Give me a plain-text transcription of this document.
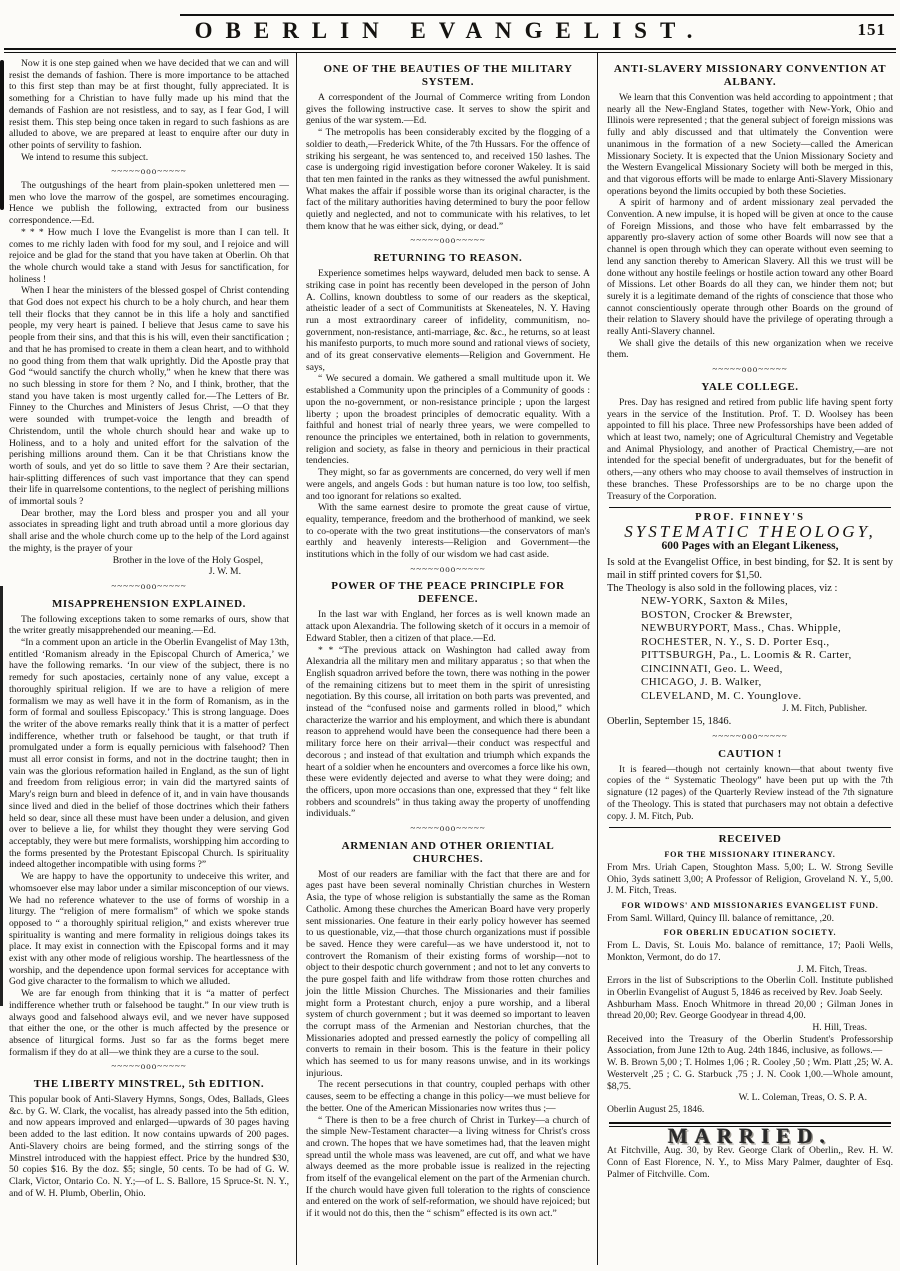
OBERLIN EVANGELIST.	151

Now it is one step gained when we have decided that we can and will resist the demands of fashion. There is more importance to be attached to this first step than may be at first thought, fully appreciated. It is something for a Christian to have fully made up his mind that the demands of Fashion are not resistless, and to say, as I fear God, I will resist them. This step being once taken in regard to such fashions as are alluded to above, we are prepared at least to enquire after our duty in other points of servility to fashion.

We intend to resume this subject.

~~~~~ooo~~~~~

The outgushings of the heart from plain-spoken unlettered men —men who love the marrow of the gospel, are sometimes encouraging. Hence we publish the following, extracted from our business correspondence.—Ed.

* * * How much I love the Evangelist is more than I can tell. It comes to me richly laden with food for my soul, and I rejoice and will rejoice and be glad for the stand that you have taken at Oberlin. Oh that the whole church would take a stand with Jesus for sanctification, for holiness !

When I hear the ministers of the blessed gospel of Christ contending that God does not expect his church to be a holy church, and hear them tell their flocks that they cannot be in this life a holy and sanctified people, my very heart is pained. I believe that Jesus came to save his people from their sins, and that this is his will, even their sanctification ; and that he has promised to create in them a clean heart, and to withhold no good thing from them that walk uprightly. Did the Apostle pray that God “would sanctify the church wholly,” when he knew that there was no such blessing in store for them ? No, and I think, brother, that the stand you have taken is most urgently called for.—The Letters of Br. Finney to the Churches and Ministers of Jesus Christ, —O that they were sounded with trumpet-voice the length and breadth of Christendom, until the whole church should hear and wake up to Holiness, and to a holy and united effort for the salvation of the perishing millions around them. Can it be that Christians know the worth of souls, and yet do so little to save them ? Are their sectarian, hair-splitting differences of such vast importance that they can spend their life in quarrelsome contentions, to the neglect of perishing millions of immortal souls ?

Dear brother, may the Lord bless and prosper you and all your associates in spreading light and truth abroad until a more glorious day shall arise and the whole church come up to the help of the Lord against the mighty, is the prayer of your

Brother in the love of the Holy Gospel,
J. W. M.
~~~~~ooo~~~~~
MISAPPREHENSION EXPLAINED.

The following exceptions taken to some remarks of ours, show that the writer greatly misapprehended our meaning.—Ed.

“In a comment upon an article in the Oberlin Evangelist of May 13th, entitled ‘Romanism already in the Episcopal Church of America,’ we have the following remarks. ‘In our view of the subject, there is no remedy for such apostacies, certainly none of any value, except a thoroughly spiritual religion. If we are to have a religion of mere formalism we may as well have it in the form of Romanism, as in the form of formal and soulless Episcopacy.’ This is strong language. Does the writer of the above remarks really think that it is a matter of perfect indifference, whether truth or falsehood be taught, or that truth if promulgated under a form is equally pernicious with falsehood? Then must all error consist in forms, and not in the doctrine taught; then in vain was the glorious reformation hailed in England, as the sun of light and freedom from religious error; in vain did the martyred saints of Mary's reign burn and bleed in defence of it, and in vain have thousands since lived and died in the belief of those doctrines which their fathers held so dear, since all these must have been under a delusion, and given over to believe a lie, for whilst they thought they were serving God acceptably, they were but mere formalists, worshipping him according to the forms presented by the Protestant Episcopal Church. Is spirituality indeed altogether incompatible with using forms ?”

We are happy to have the opportunity to undeceive this writer, and whomsoever else may labor under a similar misconception of our views. We had no reference whatever to the use of forms of worship in a liturgy. The “religion of mere formalism” of which we spoke stands opposed to “ a thoroughly spiritual religion,” and exists wherever true spirituality is wanting and mere formality in religious doings takes its place. It may exist in connection with the Episcopal forms and it may exist with any other mode of religious worship. The heartlessness of the worship, and the dependence upon formal services for acceptance with God give character to the formalism to which we alluded.

We are far enough from thinking that it is “a matter of perfect indifference whether truth or falsehood be taught.” In our view truth is always good and falsehood always evil, and we never have supposed that either the one, or the other is much affected by the presence or absence of liturgical forms. Just so far as the forms beget mere formalism if they do at all—we think they are a curse to the soul.

~~~~~ooo~~~~~
THE LIBERTY MINSTREL, 5th EDITION.

This popular book of Anti-Slavery Hymns, Songs, Odes, Ballads, Glees &c. by G. W. Clark, the vocalist, has already passed into the 5th edition, and now appears improved and enlarged—upwards of 30 pages having been added to the last edition. It now contains upwards of 200 pages. Anti-Slavery choirs are being formed, and the stirring songs of the Minstrel introduced with the happiest effect. Price by the hundred $30, 50 copies $16. By the doz. $5; single, 50 cents. To be had of G. W. Clark, Victor, Ontario Co. N. Y.;—of L. S. Ballore, 15 Spruce-St. N. Y., and of W. H. Plumb, Oberlin, Ohio.

ONE OF THE BEAUTIES OF THE MILITARY SYSTEM.

A correspondent of the Journal of Commerce writing from London gives the following instructive case. It serves to show the spirit and genius of the war system.—Ed.

“ The metropolis has been considerably excited by the flogging of a soldier to death,—Frederick White, of the 7th Hussars. For the offence of striking his sergeant, he was sentenced to, and received 150 lashes. The case is undergoing rigid investigation before coroner Wakeley. It is said that ten men fainted in the ranks as they witnessed the awful punishment. What makes the affair if possible worse than its original character, is the fact of the military authorities having determined to bury the poor fellow quietly and neglected, and not to communicate with his relatives, to let them know that he was either sick, dying, or dead.”

~~~~~ooo~~~~~
RETURNING TO REASON.

Experience sometimes helps wayward, deluded men back to sense. A striking case in point has recently been developed in the person of John A. Collins, known doubtless to some of our readers as the skeptical, atheistic leader of a sect of Communitists at Skeneateles, N. Y. Having run a most extraordinary career of infidelity, communitism, no-government, non-resistance, anti-marriage, &c. &c., he returns, so at least his manifesto purports, to much more sound and rational views of society, and of its great conservative elements—Religion and Government. He says,

“ We secured a domain. We gathered a small multitude upon it. We established a Community upon the principles of a Community of goods : upon the no-government, or non-resistance principle ; upon the largest liberty ; upon the broadest principles of democratic equality. With a faithful and honest trial of nearly three years, we were compelled to renounce the principles we entertained, both in relation to governments, religion and society, as false in theory and pernicious in their practical tendencies.

They might, so far as governments are concerned, do very well if men were angels, and angels Gods : but human nature is too low, too selfish, and too ignorant for relations so exalted.

With the same earnest desire to promote the great cause of virtue, equality, temperance, freedom and the brotherhood of mankind, we seek to co-operate with the two great institutions—the conservators of man's earthly and heavenly interests—Religion and Government—the institutions which in the folly of our wisdom we had cast aside.

~~~~~ooo~~~~~
POWER OF THE PEACE PRINCIPLE FOR DEFENCE.

In the last war with England, her forces as is well known made an attack upon Alexandria. The following sketch of it occurs in a memoir of Edward Stabler, then a citizen of that place.—Ed.

* * “The previous attack on Washington had called away from Alexandria all the military men and military apparatus ; so that when the English squadron arrived before the town, there was nothing in the power of the remaining citizens but to meet them in the spirit of unresisting negotiation. By this course, all irritation on both parts was prevented, and instead of the “confused noise and garments rolled in blood,” which characterize the warrior and his employment, and which there is abundant reason to apprehend would have been the consequence had there been a military force here on their arrival—their conduct was respectful and decorous ; and instead of that exultation and triumph which expands the heart of a soldier when he encounters and overcomes a force like his own, these were evidently dejected and averse to what they were doing; and the officers, upon more occasions than one, expressed that they “ felt like robbers and scoundrels” in thus taking away the property of unoffending individuals.”

~~~~~ooo~~~~~
ARMENIAN AND OTHER ORIENTIAL CHURCHES.

Most of our readers are familiar with the fact that there are and for ages past have been several nominally Christian churches in Western Asia, the type of whose religion is substantially the same as the Roman Catholic. Among these churches the American Board have very properly sent missionaries. One feature in their early policy however has seemed to us questionable, viz,—that those church organizations must if possible be saved. Hence they were careful—as we have understood it, not to controvert the Romanism of their existing forms of worship—not to object to their despotic church government ; and not to let any converts to the pure gospel faith and life withdraw from those rotten churches and join the little Mission Churches. The Missionaries and their families might form a Protestant church, enjoy a pure worship, and a liberal system of church government ; but it was deemed so important to leaven the corrupt mass of the Armenian and Nestorian churches, that the Missionaries adopted and pressed earnestly the policy of compelling all converts to remain in their bosom. This is the feature in their policy which has seemed to us for many reasons unwise, and in its workings injurious.

The recent persecutions in that country, coupled perhaps with other causes, seem to be effecting a change in this policy—we must believe for the better. One of the American Missionaries now writes thus ;—

“ There is then to be a free church of Christ in Turkey—a church of the simple New-Testament character—a living witness for Christ's cross and crown. The hopes that we have sometimes had, that the leaven might spread until the whole mass was leavened, are cut off, and what we have always deemed as the more probable issue is realized in the rejecting from itself of the evangelical element on the part of the Armenian church. If the church would have given full toleration to the rights of conscience and entered on the work of self-reformation, we should have rejoiced; but if it would not do this, then the “ schism” effected is its own act.”

ANTI-SLAVERY MISSIONARY CONVENTION AT ALBANY.

We learn that this Convention was held according to appointment ; that nearly all the New-England States, together with New-York, Ohio and Illinois were represented ; that the general subject of foreign missions was fully and ably discussed and that ultimately the Convention were unanimous in the formation of a new Society—called the American Missionary Society. It is expected that the Union Missionary Society and the Western Evangelical Missionary Society will both be merged in this, and that vigorous efforts will be made to enlarge Anti-Slavery Missionary operations beyond the limits occupied by both these Societies.

A spirit of harmony and of ardent missionary zeal pervaded the Convention. A new impulse, it is hoped will be given at once to the cause of Foreign Missions, and those who have felt embarrassed by the apparently pro-slavery action of some other Boards will now see that a channel is open through which they can operate without even seeming to lend any sanction thereby to American Slavery. All this we trust will be done without any hostile feelings or hostile action toward any other Board of Missions. Let other Boards do all they can, we hinder them not; but surely it is a legitimate demand of the rights of conscience that those who cannot conscientiously operate through other Boards on the ground of their relation to Slavery should have the privilege of operating through a really Anti-Slavery channel.

We shall give the details of this new organization when we receive them.

~~~~~ooo~~~~~
YALE COLLEGE.

Pres. Day has resigned and retired from public life having spent forty years in the service of the Institution. Prof. T. D. Woolsey has been appointed to fill his place. Three new Professorships have been added of which at least two, namely; one of Agricultural Chemistry and Vegetable and Animal Physiology, and another of Practical Chemistry,—are not intended for the special benefit of undergraduates, but for the benefit of others,—any others who may choose to avail themselves of instruction in these branches. These Professorships are to be no charge upon the Treasury of the Corporation.

PROF. FINNEY'S
SYSTEMATIC THEOLOGY,
600 Pages with an Elegant Likeness,

Is sold at the Evangelist Office, in best binding, for $2. It is sent by mail in stiff printed covers for $1,50.

The Theology is also sold in the following places, viz :

NEW-YORK, Saxton & Miles,
BOSTON, Crocker & Brewster,
NEWBURYPORT, Mass., Chas. Whipple,
ROCHESTER, N. Y., S. D. Porter Esq.,
PITTSBURGH, Pa., L. Loomis & R. Carter,
CINCINNATI, Geo. L. Weed,
CHICAGO, J. B. Walker,
CLEVELAND, M. C. Younglove.
J. M. Fitch, Publisher.

Oberlin, September 15, 1846.

~~~~~ooo~~~~~
CAUTION !

It is feared—though not certainly known—that about twenty five copies of the “ Systematic Theology” have been put up with the 7th signature (12 pages) of the Quarterly Review instead of the 7th signature of the Theology. This is stated that purchasers may not obtain a defective copy. J. M. Fitch, Pub.

RECEIVED
FOR THE MISSIONARY ITINERANCY.

From Mrs. Uriah Capen, Stoughton Mass. 5,00; L. W. Strong Seville Ohio, 3yds satinett 3,00; A Professor of Religion, Groveland N. Y., 5,00. J. M. Fitch, Treas.

FOR WIDOWS' AND MISSIONARIES EVANGELIST FUND.

From Saml. Willard, Quincy Ill. balance of remittance, ,20.

FOR OBERLIN EDUCATION SOCIETY.

From L. Davis, St. Louis Mo. balance of remittance, 17; Paoli Wells, Monkton, Vermont, do do 17.

J. M. Fitch, Treas.

Errors in the list of Subscriptions to the Oberlin Coll. Institute published in Oberlin Evangelist of August 5, 1846 as received by Rev. Joab Seely.

Ashburham Mass. Enoch Whitmore in thread 20,00 ; Gilman Jones in thread 20,00; Rev. George Goodyear in thread 4,00.

H. Hill, Treas.

Received into the Treasury of the Oberlin Student's Professorship Association, from June 12th to Aug. 24th 1846, inclusive, as follows.—

W. B. Brown 5,00 ; T. Holmes 1,06 ; R. Cooley ,50 ; Wm. Platt ,25; W. A. Westervelt ,25 ; C. G. Starbuck ,75 ; J. N. Cook 1,00.—Whole amount, $8,75.

W. L. Coleman, Treas, O. S. P. A.

Oberlin August 25, 1846.

MARRIED.

At Fitchville, Aug. 30, by Rev. George Clark of Oberlin,, Rev. H. W. Conn of East Florence, N. Y., to Miss Mary Palmer, daughter of Esq. Palmer of Fitchville. Com.
